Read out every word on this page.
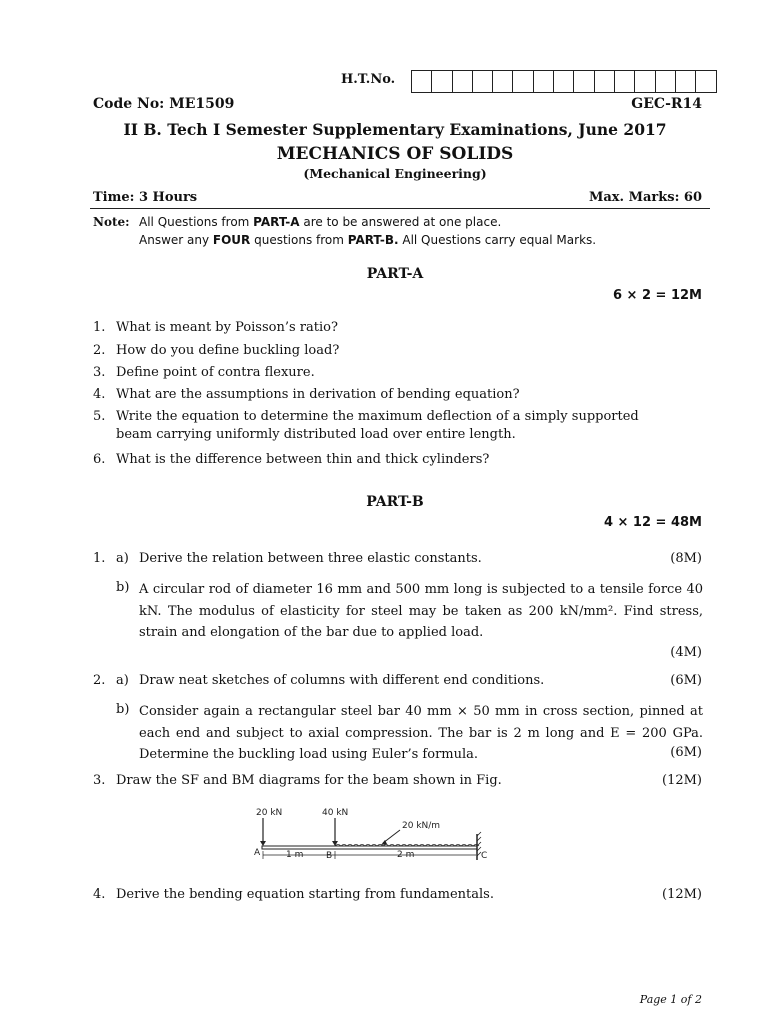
H.T.No.
Code No: ME1509	GEC-R14
II B. Tech I Semester Supplementary Examinations, June 2017
MECHANICS OF SOLIDS
(Mechanical Engineering)
Time: 3 Hours	Max. Marks: 60
Note: All Questions from PART-A are to be answered at one place.
Answer any FOUR questions from PART-B. All Questions carry equal Marks.
PART-A
6 × 2 = 12M
1. What is meant by Poisson’s ratio?
2. How do you define buckling load?
3. Define point of contra flexure.
4. What are the assumptions in derivation of bending equation?
5. Write the equation to determine the maximum deflection of a simply supported beam carrying uniformly distributed load over entire length.
6. What is the difference between thin and thick cylinders?
PART-B
4 × 12 = 48M
1. a) Derive the relation between three elastic constants.	(8M)
b) A circular rod of diameter 16 mm and 500 mm long is subjected to a tensile force 40 kN. The modulus of elasticity for steel may be taken as 200 kN/mm². Find stress, strain and elongation of the bar due to applied load.
(4M)
2. a) Draw neat sketches of columns with different end conditions.	(6M)
b) Consider again a rectangular steel bar 40 mm × 50 mm in cross section, pinned at each end and subject to axial compression. The bar is 2 m long and E = 200 GPa. Determine the buckling load using Euler’s formula.	(6M)
3. Draw the SF and BM diagrams for the beam shown in Fig.	(12M)
20 kN	40 kN
20 kN/m
A	B	C
1 m	2 m
4. Derive the bending equation starting from fundamentals.	(12M)
Page 1 of 2
